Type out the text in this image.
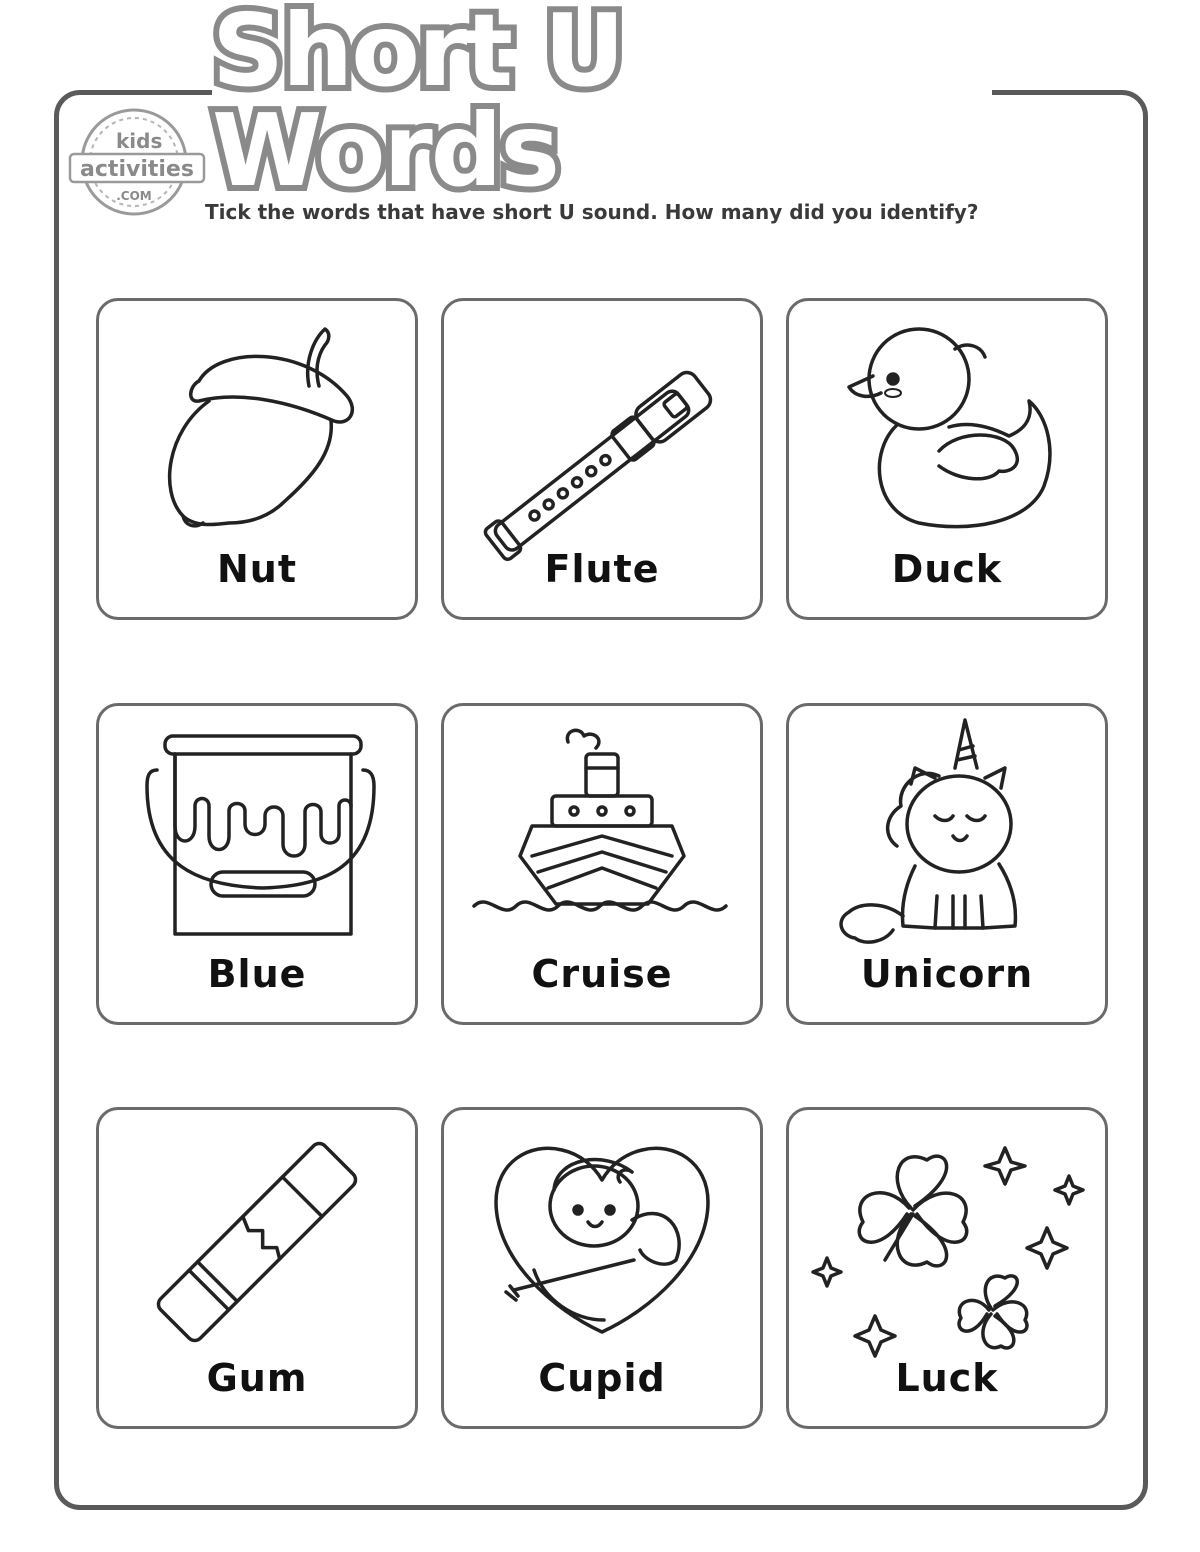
Short U Words
kids
activities
.COM
Tick the words that have short U sound. How many did you identify?
Nut	Flute	Duck
Blue	Cruise	Unicorn
Gum	Cupid	Luck
